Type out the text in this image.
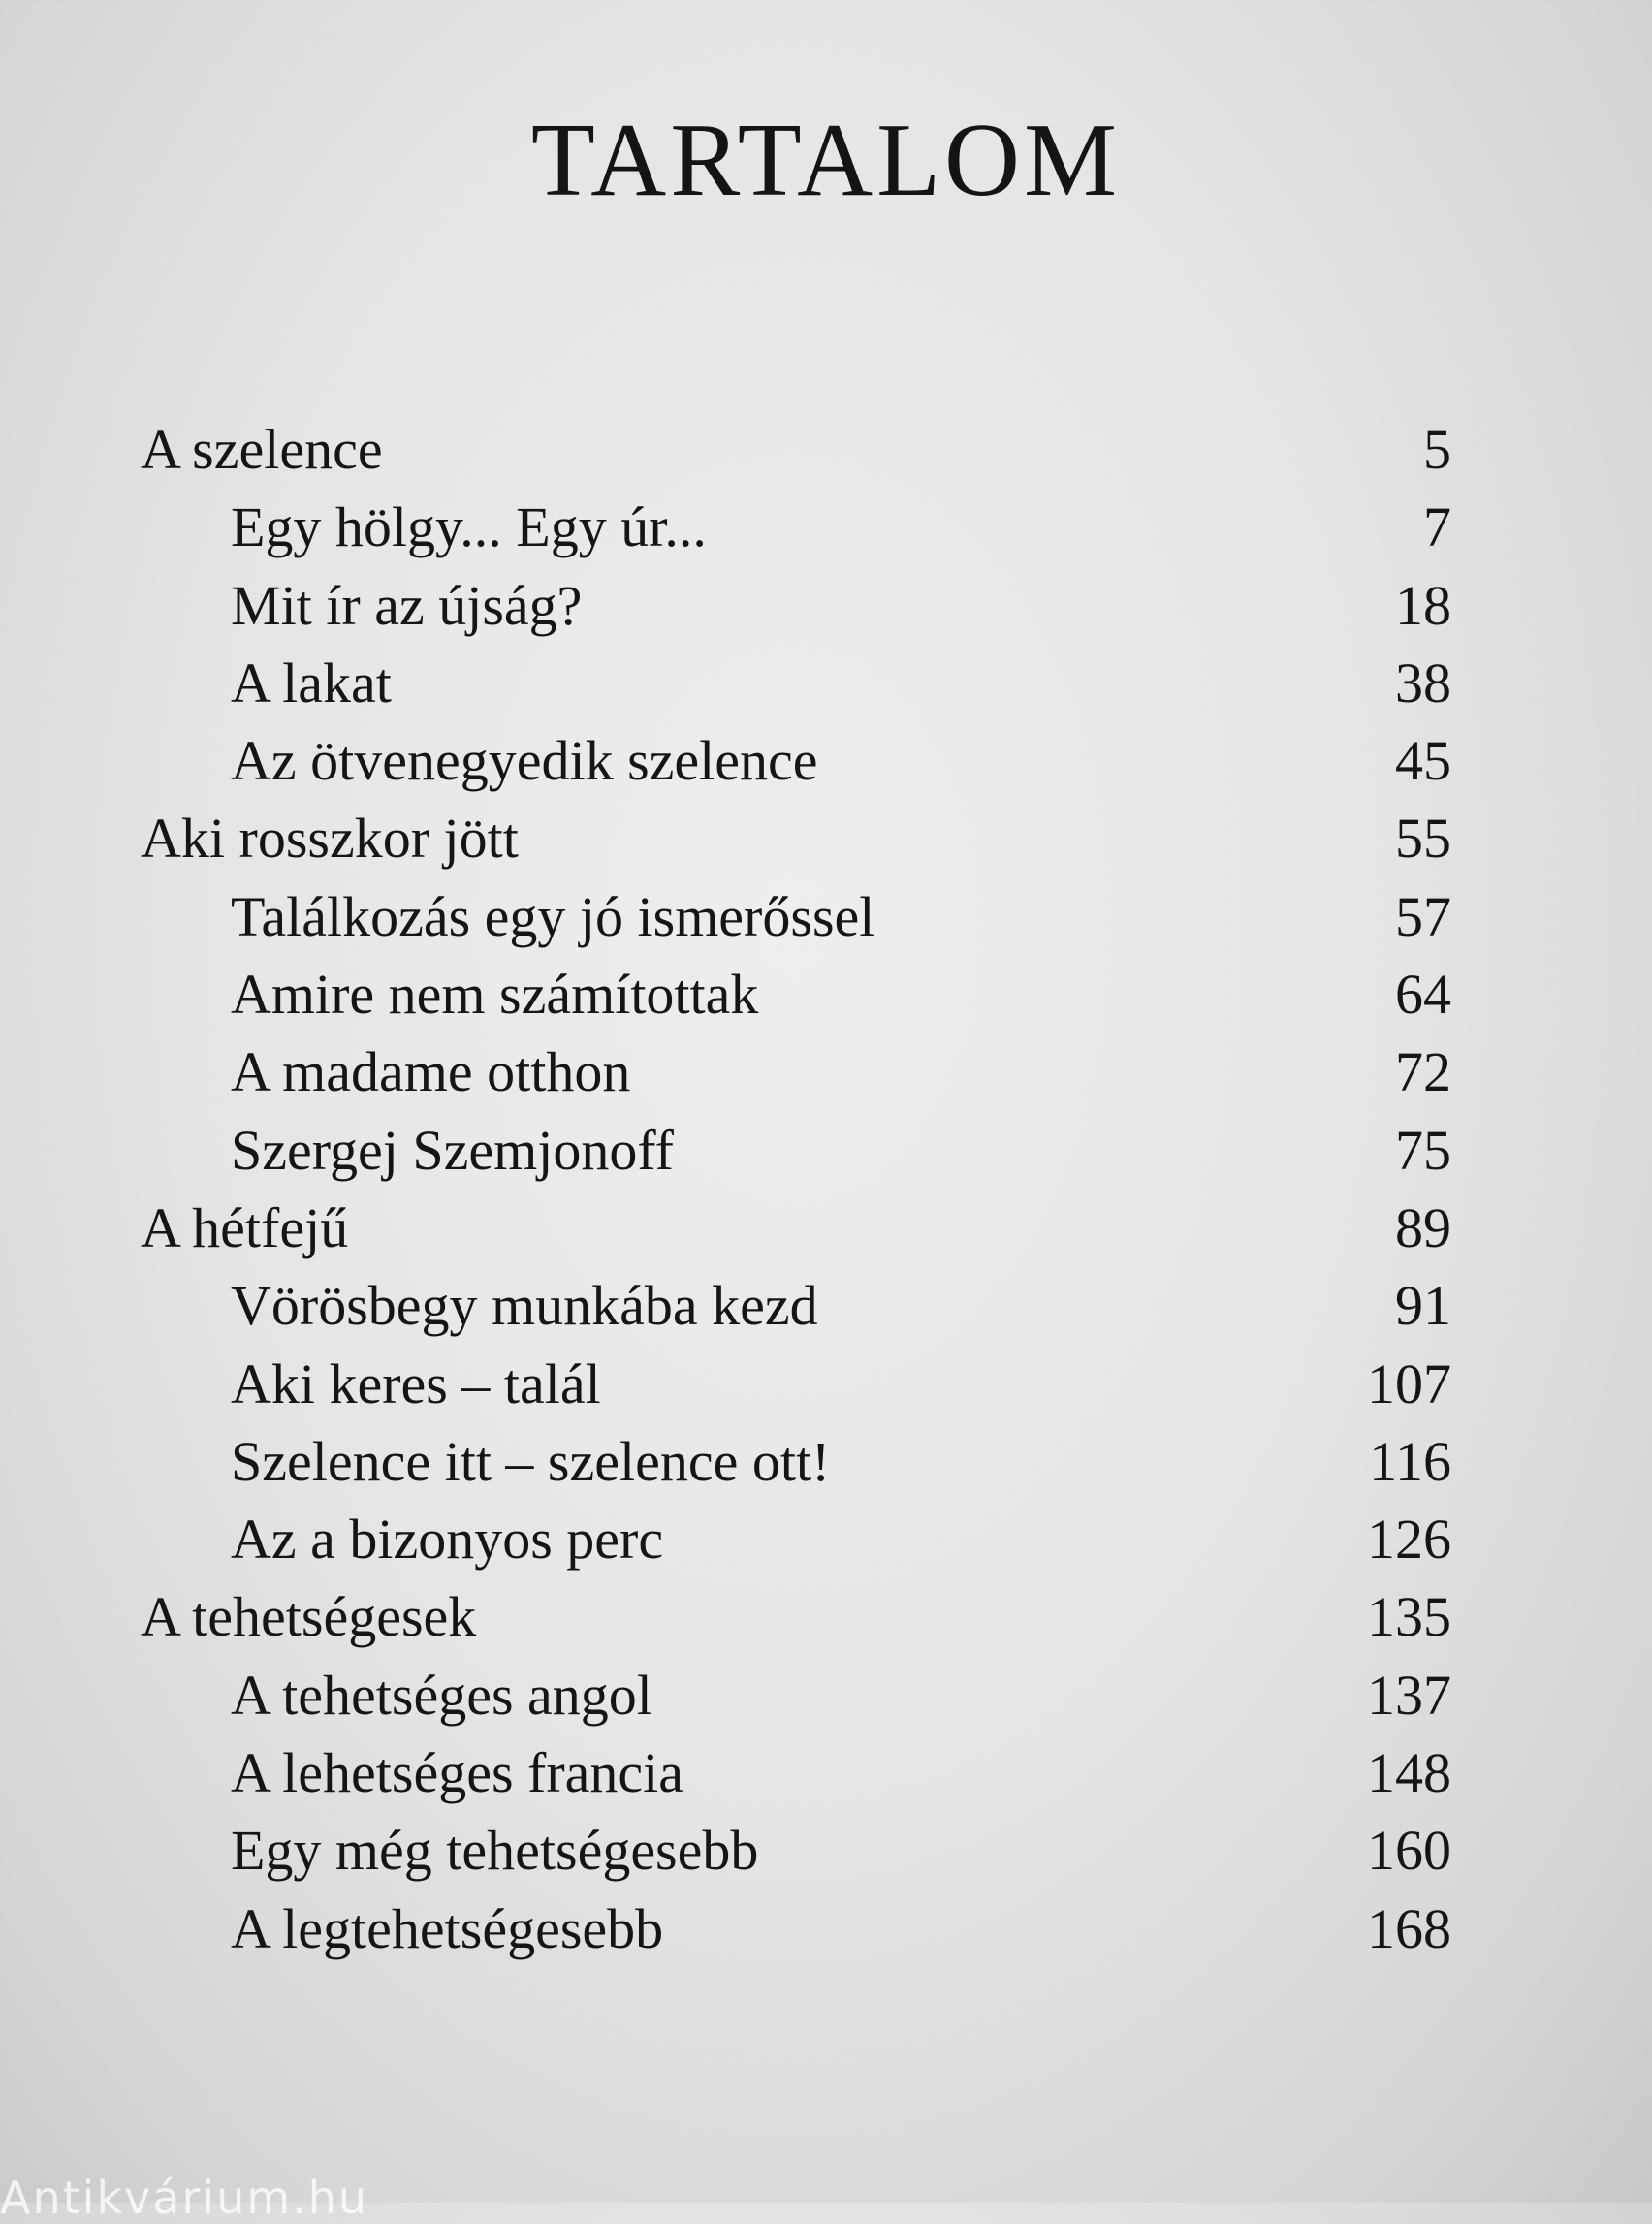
TARTALOM
A szelence	5
Egy hölgy... Egy úr...	7
Mit ír az újság?	18
A lakat	38
Az ötvenegyedik szelence	45
Aki rosszkor jött	55
Találkozás egy jó ismerőssel	57
Amire nem számítottak	64
A madame otthon	72
Szergej Szemjonoff	75
A hétfejű	89
Vörösbegy munkába kezd	91
Aki keres – talál	107
Szelence itt – szelence ott!	116
Az a bizonyos perc	126
A tehetségesek	135
A tehetséges angol	137
A lehetséges francia	148
Egy még tehetségesebb	160
A legtehetségesebb	168
Antikvárium.hu
